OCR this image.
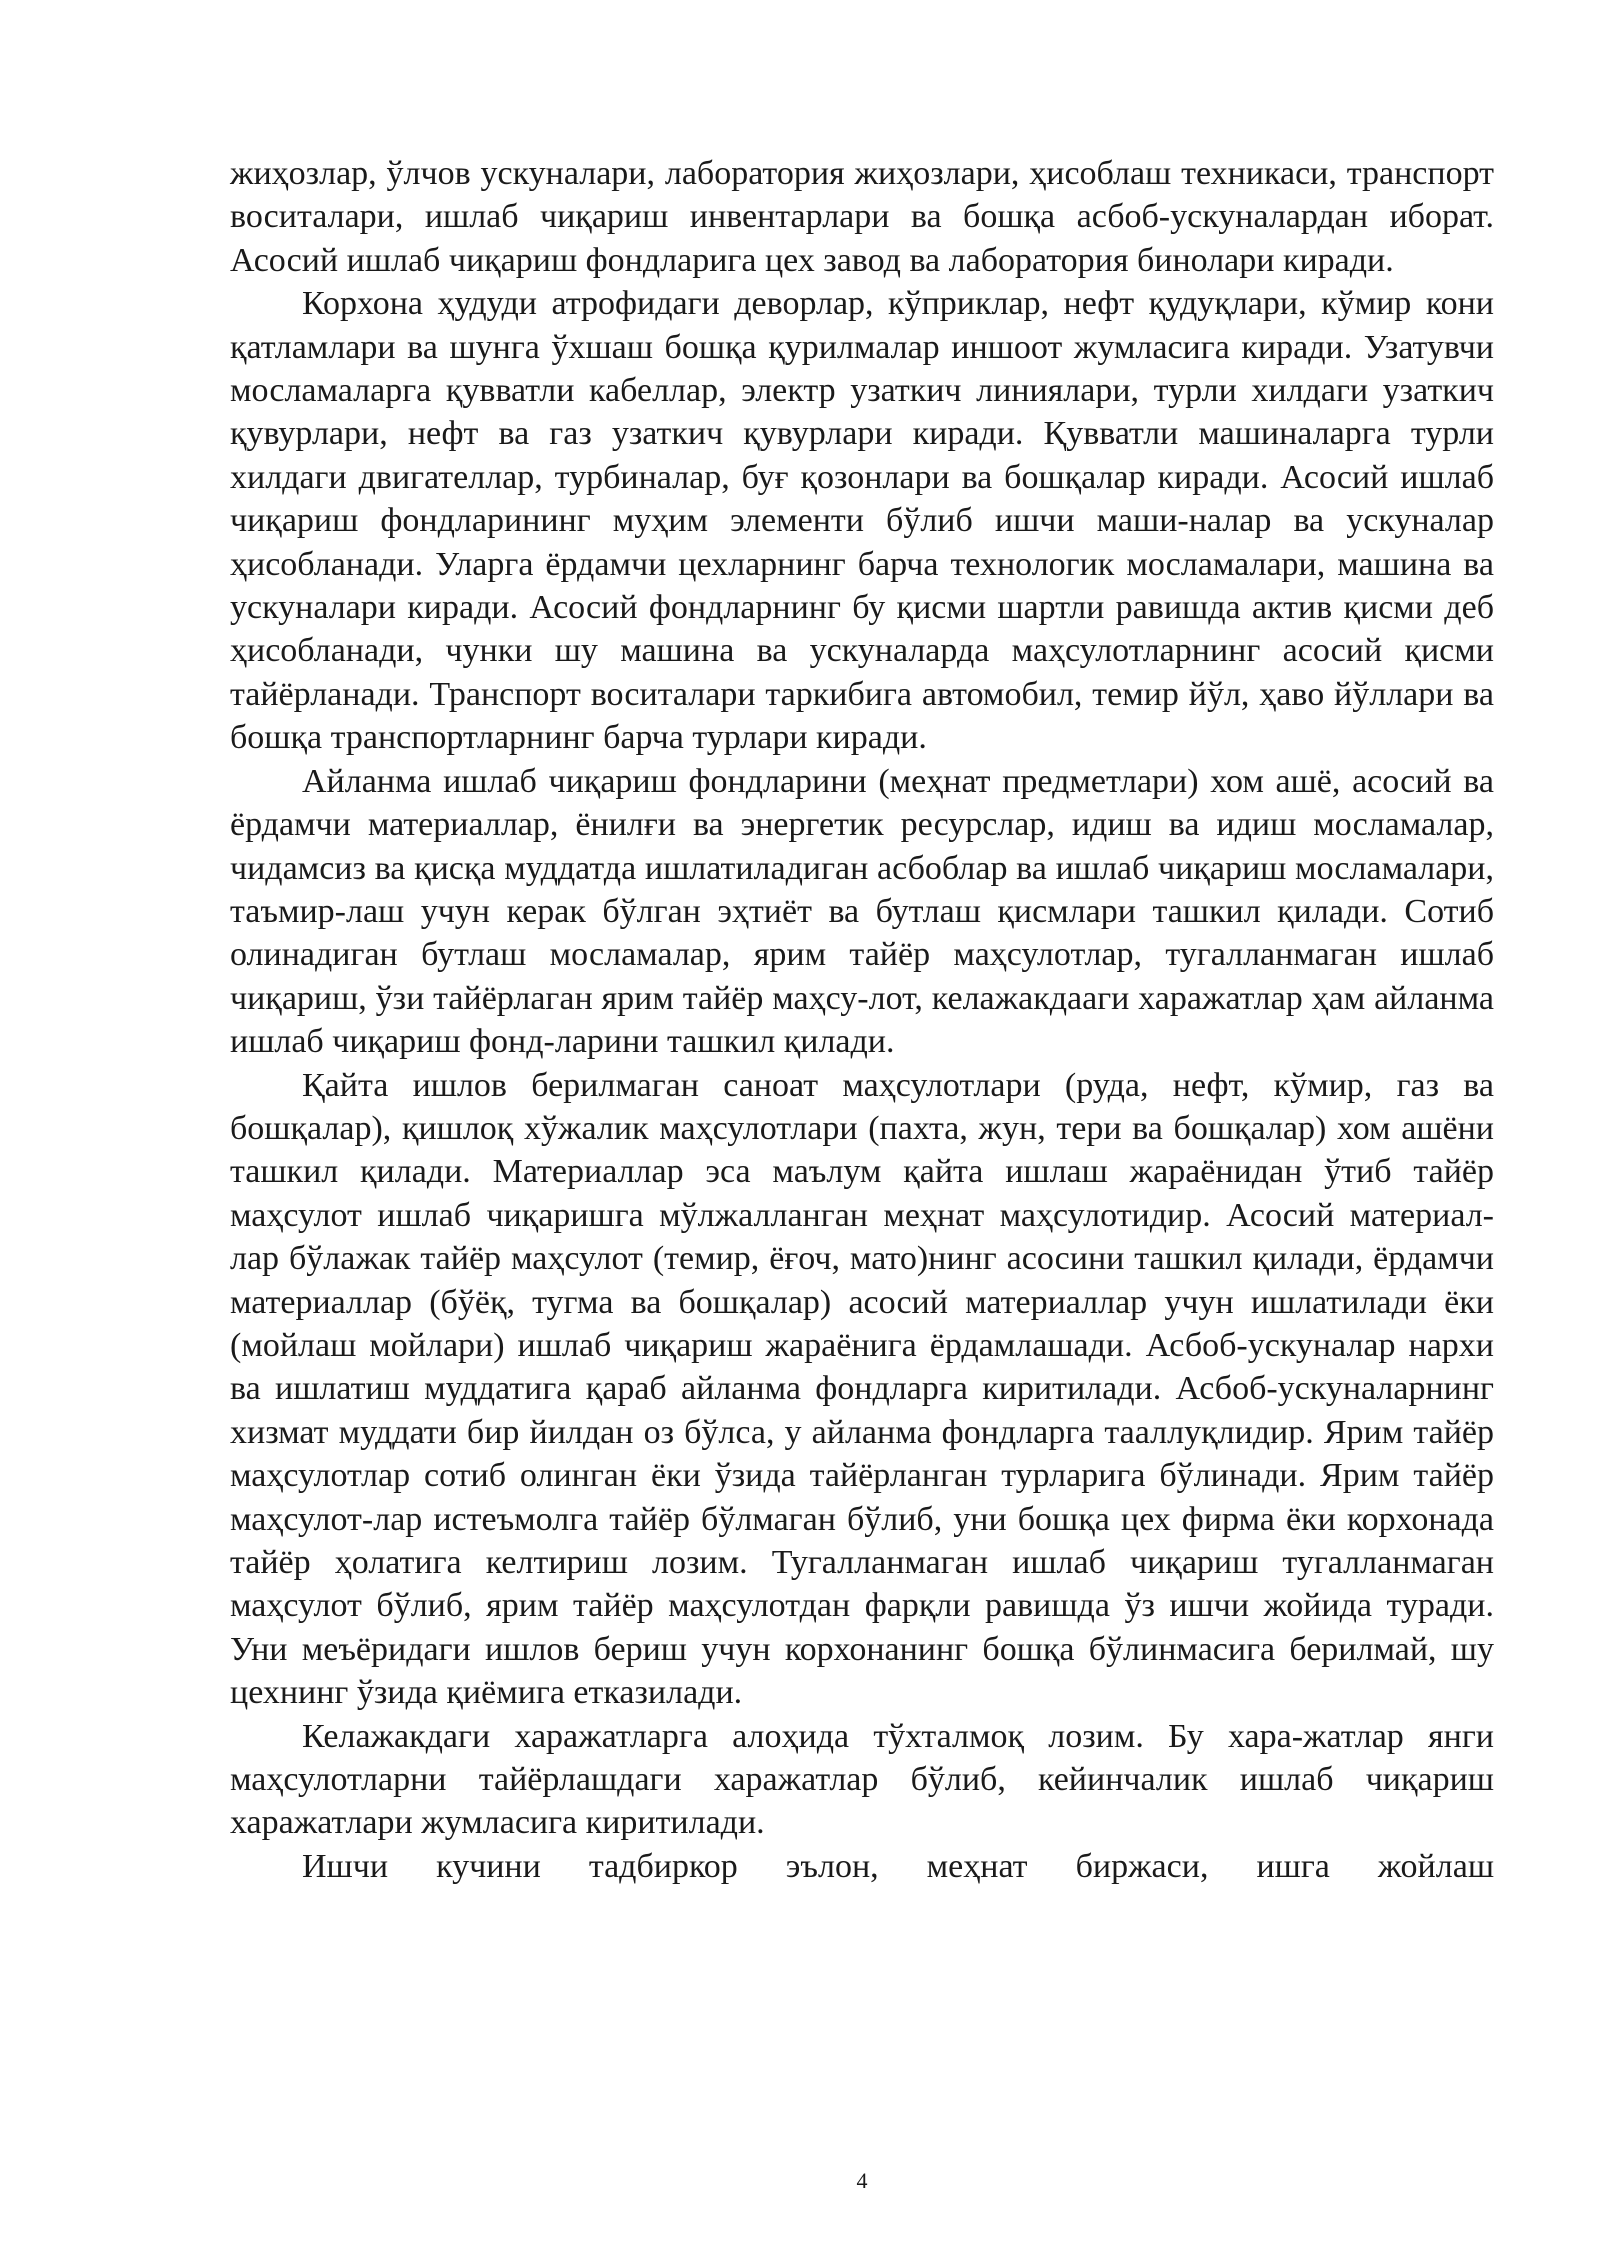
жиҳозлар, ўлчов ускуналари, лаборатория жиҳозлари, ҳисоблаш техникаси, транспорт воситалари, ишлаб чиқариш инвентарлари ва бошқа асбоб-ускуналардан иборат. Асосий ишлаб чиқариш фондларига цех завод ва лаборатория бинолари киради.

Корхона ҳудуди атрофидаги деворлар, кўприклар, нефт қудуқлари, кўмир кони қатламлари ва шунга ўхшаш бошқа қурилмалар иншоот жумласига киради. Узатувчи мосламаларга қувватли кабеллар, электр узаткич линиялари, турли хилдаги узаткич қувурлари, нефт ва газ узаткич қувурлари киради. Қувватли машиналарга турли хилдаги двигателлар, турбиналар, буғ қозонлари ва бошқалар киради. Асосий ишлаб чиқариш фондларининг муҳим элементи бўлиб ишчи маши-налар ва ускуналар ҳисобланади. Уларга ёрдамчи цехларнинг барча технологик мосламалари, машина ва ускуналари киради. Асосий фондларнинг бу қисми шартли равишда актив қисми деб ҳисобланади, чунки шу машина ва ускуналарда маҳсулотларнинг асосий қисми тайёрланади. Транспорт воситалари таркибига автомобил, темир йўл, ҳаво йўллари ва бошқа транспортларнинг барча турлари киради.

Айланма ишлаб чиқариш фондларини (меҳнат предметлари) хом ашё, асосий ва ёрдамчи материаллар, ёнилғи ва энергетик ресурслар, идиш ва идиш мосламалар, чидамсиз ва қисқа муддатда ишлатиладиган асбоблар ва ишлаб чиқариш мосламалари, таъмир-лаш учун керак бўлган эҳтиёт ва бутлаш қисмлари ташкил қилади. Сотиб олинадиган бутлаш мосламалар, ярим тайёр маҳсулотлар, тугалланмаган ишлаб чиқариш, ўзи тайёрлаган ярим тайёр маҳсу-лот, келажакдааги харажатлар ҳам айланма ишлаб чиқариш фонд-ларини ташкил қилади.

Қайта ишлов берилмаган саноат маҳсулотлари (руда, нефт, кўмир, газ ва бошқалар), қишлоқ хўжалик маҳсулотлари (пахта, жун, тери ва бошқалар) хом ашёни ташкил қилади. Материаллар эса маълум қайта ишлаш жараёнидан ўтиб тайёр маҳсулот ишлаб чиқаришга мўлжалланган меҳнат маҳсулотидир. Асосий материал-лар бўлажак тайёр маҳсулот (темир, ёғоч, мато)нинг асосини ташкил қилади, ёрдамчи материаллар (бўёқ, тугма ва бошқалар) асосий материаллар учун ишлатилади ёки (мойлаш мойлари) ишлаб чиқариш жараёнига ёрдамлашади. Асбоб-ускуналар нархи ва ишлатиш муддатига қараб айланма фондларга киритилади. Асбоб-ускуналарнинг хизмат муддати бир йилдан оз бўлса, у айланма фондларга тааллуқлидир. Ярим тайёр маҳсулотлар сотиб олинган ёки ўзида тайёрланган турларига бўлинади. Ярим тайёр маҳсулот-лар истеъмолга тайёр бўлмаган бўлиб, уни бошқа цех фирма ёки корхонада тайёр ҳолатига келтириш лозим. Тугалланмаган ишлаб чиқариш тугалланмаган маҳсулот бўлиб, ярим тайёр маҳсулотдан фарқли равишда ўз ишчи жойида туради. Уни меъёридаги ишлов бериш учун корхонанинг бошқа бўлинмасига берилмай, шу цехнинг ўзида қиёмига етказилади.

Келажакдаги харажатларга алоҳида тўхталмоқ лозим. Бу хара-жатлар янги маҳсулотларни тайёрлашдаги харажатлар бўлиб, кейинчалик ишлаб чиқариш харажатлари жумласига киритилади.

Ишчи кучини тадбиркор эълон, меҳнат биржаси, ишга жойлаш

4
